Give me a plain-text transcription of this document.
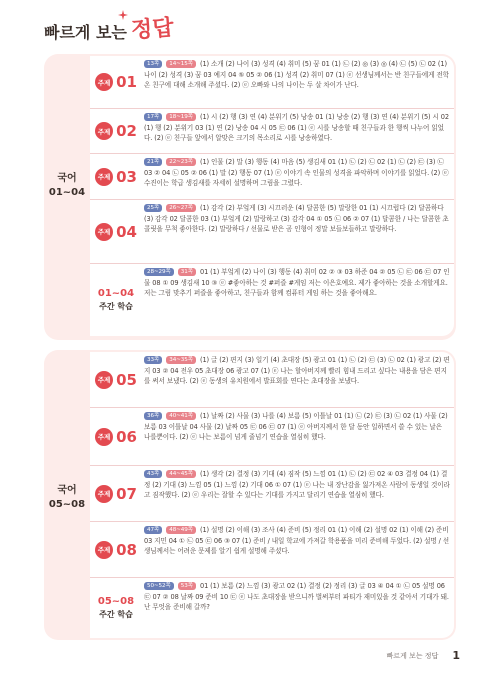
빠르게 보는 정답
국어
01~04
주제 01
13쪽 14~15쪽 (1) 소개 (2) 나이 (3) 성격 (4) 취미 (5) 꿈 01 (1) ㉡ (2) ◎ (3) ◎ (4) ㉡ (5) ㉡ 02 (1) 나이 (2) 성격 (3) 꿈 03 예지 04 ⑤ 05 ② 06 (1) 성격 (2) 취미 07 (1) ⓔ 선생님께서는 반 친구들에게 전학 온 친구에 대해 소개해 주셨다. (2) ⓔ 오빠와 나의 나이는 두 살 차이가 난다.
주제 02
17쪽 18~19쪽 (1) 시 (2) 행 (3) 연 (4) 분위기 (5) 낭송 01 (1) 낭송 (2) 행 (3) 연 (4) 분위기 (5) 시 02 (1) 행 (2) 분위기 03 (1) 연 (2) 낭송 04 시 05 ㉢ 06 (1) ⓔ 시를 낭송할 때 친구들과 한 행씩 나누어 읽었다. (2) ⓔ 친구들 앞에서 알맞은 크기의 목소리로 시를 낭송하였다.
주제 03
21쪽 22~23쪽 (1) 인물 (2) 말 (3) 행동 (4) 마음 (5) 생김새 01 (1) ㉡ (2) ㉡ 02 (1) ㉡ (2) ㉢ (3) ㉡ 03 ② 04 ㉡ 05 ② 06 (1) 말 (2) 행동 07 (1) ⓔ 이야기 속 인물의 성격을 파악하며 이야기를 읽었다. (2) ⓔ 수진이는 학급 생김새를 자세히 설명하며 그림을 그렸다.
주제 04
25쪽 26~27쪽 (1) 감각 (2) 부엌게 (3) 시끄러운 (4) 달콤한 (5) 말랑한 01 (1) 시끄럽다 (2) 달콤하다 (3) 감각 02 달콤한 03 (1) 부엌게 (2) 말랑하고 (3) 감각 04 ① 05 ㉡ 06 ② 07 (1) 달콤한 / 나는 달콤한 초콜릿을 무척 좋아한다. (2) 말랑하다 / 선물로 받은 곰 인형이 정말 보들보들하고 말랑하다.
01~04
주간 학습
28~29쪽 31쪽 01 (1) 부엌게 (2) 나이 (3) 행동 (4) 취미 02 ② ③ 03 하준 04 ② 05 ㉡ ㉢ 06 ㉢ 07 인물 08 ① 09 생김새 10 ③ ⓔ #좋아하는 것 #퍼즐 #게임 저는 이은호예요. 제가 좋아하는 것을 소개할게요. 저는 그림 맞추기 퍼즐을 좋아하고, 친구들과 함께 컴퓨터 게임 하는 것을 좋아해요.
국어
05~08
주제 05
33쪽 34~35쪽 (1) 글 (2) 편지 (3) 일기 (4) 초대장 (5) 광고 01 (1) ㉡ (2) ㉢ (3) ㉡ 02 (1) 광고 (2) 편지 03 ② 04 전우 05 초대장 06 광고 07 (1) ⓔ 나는 할아버지께 빨리 힘내 드리고 싶다는 내용을 담은 편지를 써서 보냈다. (2) ⓔ 동생의 유치원에서 발표회를 연다는 초대장을 보냈다.
주제 06
36쪽 40~41쪽 (1) 날짜 (2) 사물 (3) 나를 (4) 보름 (5) 이틀날 01 (1) ㉡ (2) ㉢ (3) ㉡ 02 (1) 사물 (2) 보름 03 이틀날 04 사물 (2) 날짜 05 ㉢ 06 ㉢ 07 (1) ⓔ 아버지께서 한 달 동안 일하면서 쓸 수 있는 날은 나를뿐이다. (2) ⓔ 나는 보름이 넘게 줄넘기 연습을 열심히 했다.
주제 07
43쪽 44~45쪽 (1) 생각 (2) 결정 (3) 기대 (4) 짐작 (5) 느낌 01 (1) ㉡ (2) ㉢ 02 ④ 03 결정 04 (1) 결정 (2) 기대 (3) 느낌 05 (1) 느낌 (2) 기대 06 ① 07 (1) ⓔ 나는 내 장난감을 잃가져온 사람이 동생일 것이라고 짐작했다. (2) ⓔ 우리는 잘할 수 있다는 기대를 가지고 달리기 연습을 열심히 했다.
주제 08
47쪽 48~49쪽 (1) 설명 (2) 이해 (3) 조사 (4) 준비 (5) 정리 01 (1) 이해 (2) 설명 02 (1) 이해 (2) 준비 03 지민 04 ① ㉡ 05 ㉢ 06 ③ 07 (1) 준비 / 내일 학교에 가져갈 학용품을 미리 준비해 두었다. (2) 설명 / 선생님께서는 어려운 문제를 알기 쉽게 설명해 주셨다.
05~08
주간 학습
50~52쪽 53쪽 01 (1) 보름 (2) 느낌 (3) 광고 02 (1) 결정 (2) 정리 (3) 글 03 ④ 04 ① ㉡ 05 설명 06 ㉢ 07 ② 08 날짜 09 준비 10 ㉢ ⓔ 나도 초대장을 받으니까 벌써부터 파티가 재미있을 것 같아서 기대가 돼. 난 무엇을 준비해 갈까?
빠르게 보는 정답 1
